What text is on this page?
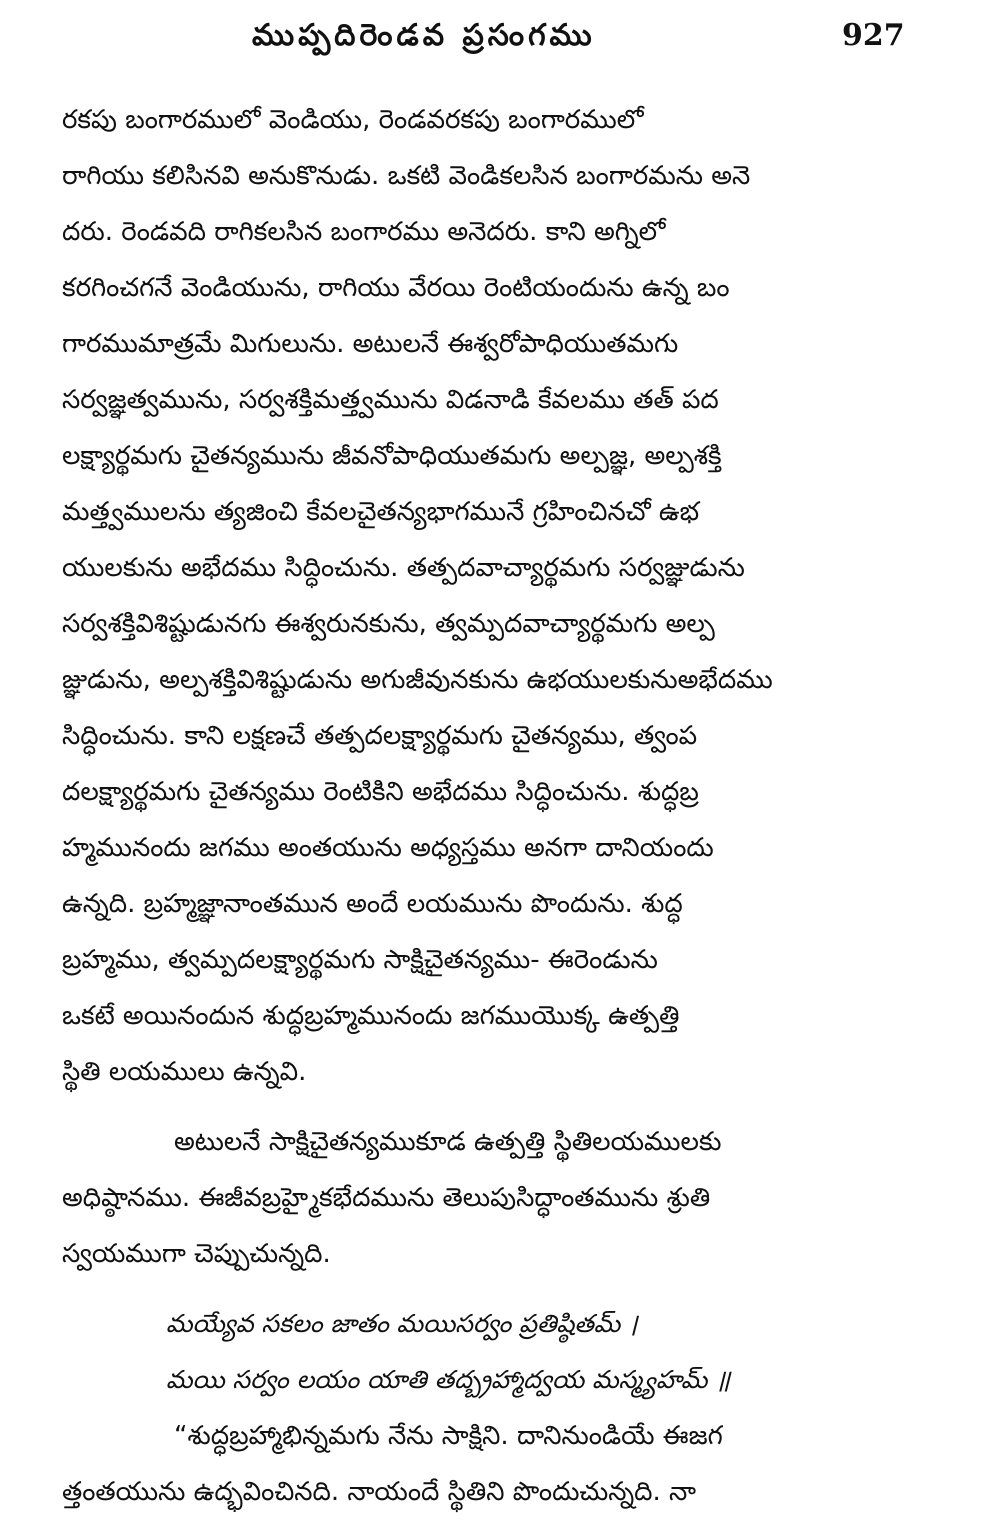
ముప్పదిరెండవ ప్రసంగము	927
రకపు బంగారములో వెండియు, రెండవరకపు బంగారములో
రాగియు కలిసినవి అనుకొనుడు. ఒకటి వెండికలసిన బంగారమను అనె
దరు. రెండవది రాగికలసిన బంగారము అనెదరు. కాని అగ్నిలో
కరగించగనే వెండియును, రాగియు వేరయి రెంటియందును ఉన్న బం
గారముమాత్రమే మిగులును. అటులనే ఈశ్వరోపాధియుతమగు
సర్వజ్ఞత్వమును, సర్వశక్తిమత్త్వమును విడనాడి కేవలము తత్ పద
లక్ష్యార్థమగు చైతన్యమును జీవనోపాధియుతమగు అల్పజ్ఞ, అల్పశక్తి
మత్త్వములను త్యజించి కేవలచైతన్యభాగమునే గ్రహించినచో ఉభ
యులకును అభేదము సిద్ధించును. తత్పదవాచ్యార్థమగు సర్వజ్ఞుడును
సర్వశక్తివిశిష్టుడునగు ఈశ్వరునకును, త్వమ్పదవాచ్యార్థమగు అల్ప
జ్ఞుడును, అల్పశక్తివిశిష్టుడును అగుజీవునకును ఉభయులకునుఅభేదము
సిద్ధించును. కాని లక్షణచే తత్పదలక్ష్యార్థమగు చైతన్యము, త్వంప
దలక్ష్యార్థమగు చైతన్యము రెంటికిని అభేదము సిద్ధించును. శుద్ధబ్ర
హ్మమునందు జగము అంతయును అధ్యస్తము అనగా దానియందు
ఉన్నది. బ్రహ్మజ్ఞానాంతమున అందే లయమును పొందును. శుద్ధ
బ్రహ్మము, త్వమ్పదలక్ష్యార్థమగు సాక్షిచైతన్యము- ఈరెండును
ఒకటే అయినందున శుద్ధబ్రహ్మమునందు జగముయొక్క ఉత్పత్తి
స్థితి లయములు ఉన్నవి.
అటులనే సాక్షిచైతన్యముకూడ ఉత్పత్తి స్థితిలయములకు
అధిష్ఠానము. ఈజీవబ్రహ్మైకభేదమును తెలుపుసిద్ధాంతమును శ్రుతి
స్వయముగా చెప్పుచున్నది.
మయ్యేవ సకలం జాతం మయిసర్వం ప్రతిష్ఠితమ్ ।
మయి సర్వం లయం యాతి తద్బ్రహ్మాద్వయ మస్మ్యహమ్ ॥
“శుద్ధబ్రహ్మాభిన్నమగు నేను సాక్షిని. దానినుండియే ఈజగ
త్తంతయును ఉద్భవించినది. నాయందే స్థితిని పొందుచున్నది. నా
